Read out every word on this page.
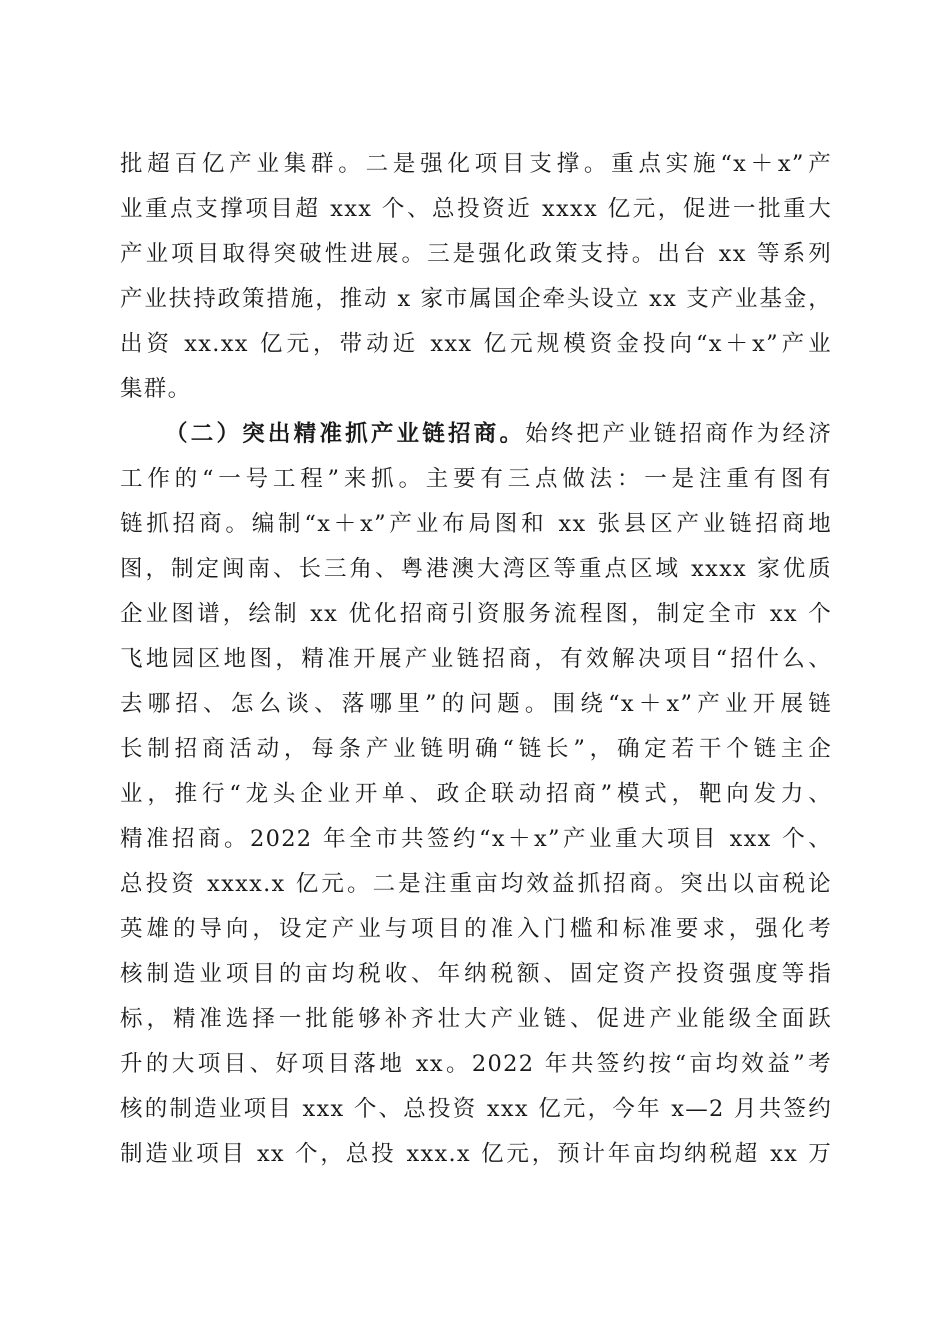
批超百亿产业集群。二是强化项目支撑。重点实施“x＋x”产
业重点支撑项目超 xxx 个、总投资近 xxxx 亿元，促进一批重大
产业项目取得突破性进展。三是强化政策支持。出台 xx 等系列
产业扶持政策措施，推动 x 家市属国企牵头设立 xx 支产业基金，
出资 xx.xx 亿元，带动近 xxx 亿元规模资金投向“x＋x”产业
集群。
（二）突出精准抓产业链招商。始终把产业链招商作为经济
工作的“一号工程”来抓。主要有三点做法：一是注重有图有
链抓招商。编制“x＋x”产业布局图和 xx 张县区产业链招商地
图，制定闽南、长三角、粤港澳大湾区等重点区域 xxxx 家优质
企业图谱，绘制 xx 优化招商引资服务流程图，制定全市 xx 个
飞地园区地图，精准开展产业链招商，有效解决项目“招什么、
去哪招、怎么谈、落哪里”的问题。围绕“x＋x”产业开展链
长制招商活动，每条产业链明确“链长”，确定若干个链主企
业，推行“龙头企业开单、政企联动招商”模式，靶向发力、
精准招商。2022 年全市共签约“x＋x”产业重大项目 xxx 个、
总投资 xxxx.x 亿元。二是注重亩均效益抓招商。突出以亩税论
英雄的导向，设定产业与项目的准入门槛和标准要求，强化考
核制造业项目的亩均税收、年纳税额、固定资产投资强度等指
标，精准选择一批能够补齐壮大产业链、促进产业能级全面跃
升的大项目、好项目落地 xx。2022 年共签约按“亩均效益”考
核的制造业项目 xxx 个、总投资 xxx 亿元，今年 x—2 月共签约
制造业项目 xx 个，总投 xxx.x 亿元，预计年亩均纳税超 xx 万
